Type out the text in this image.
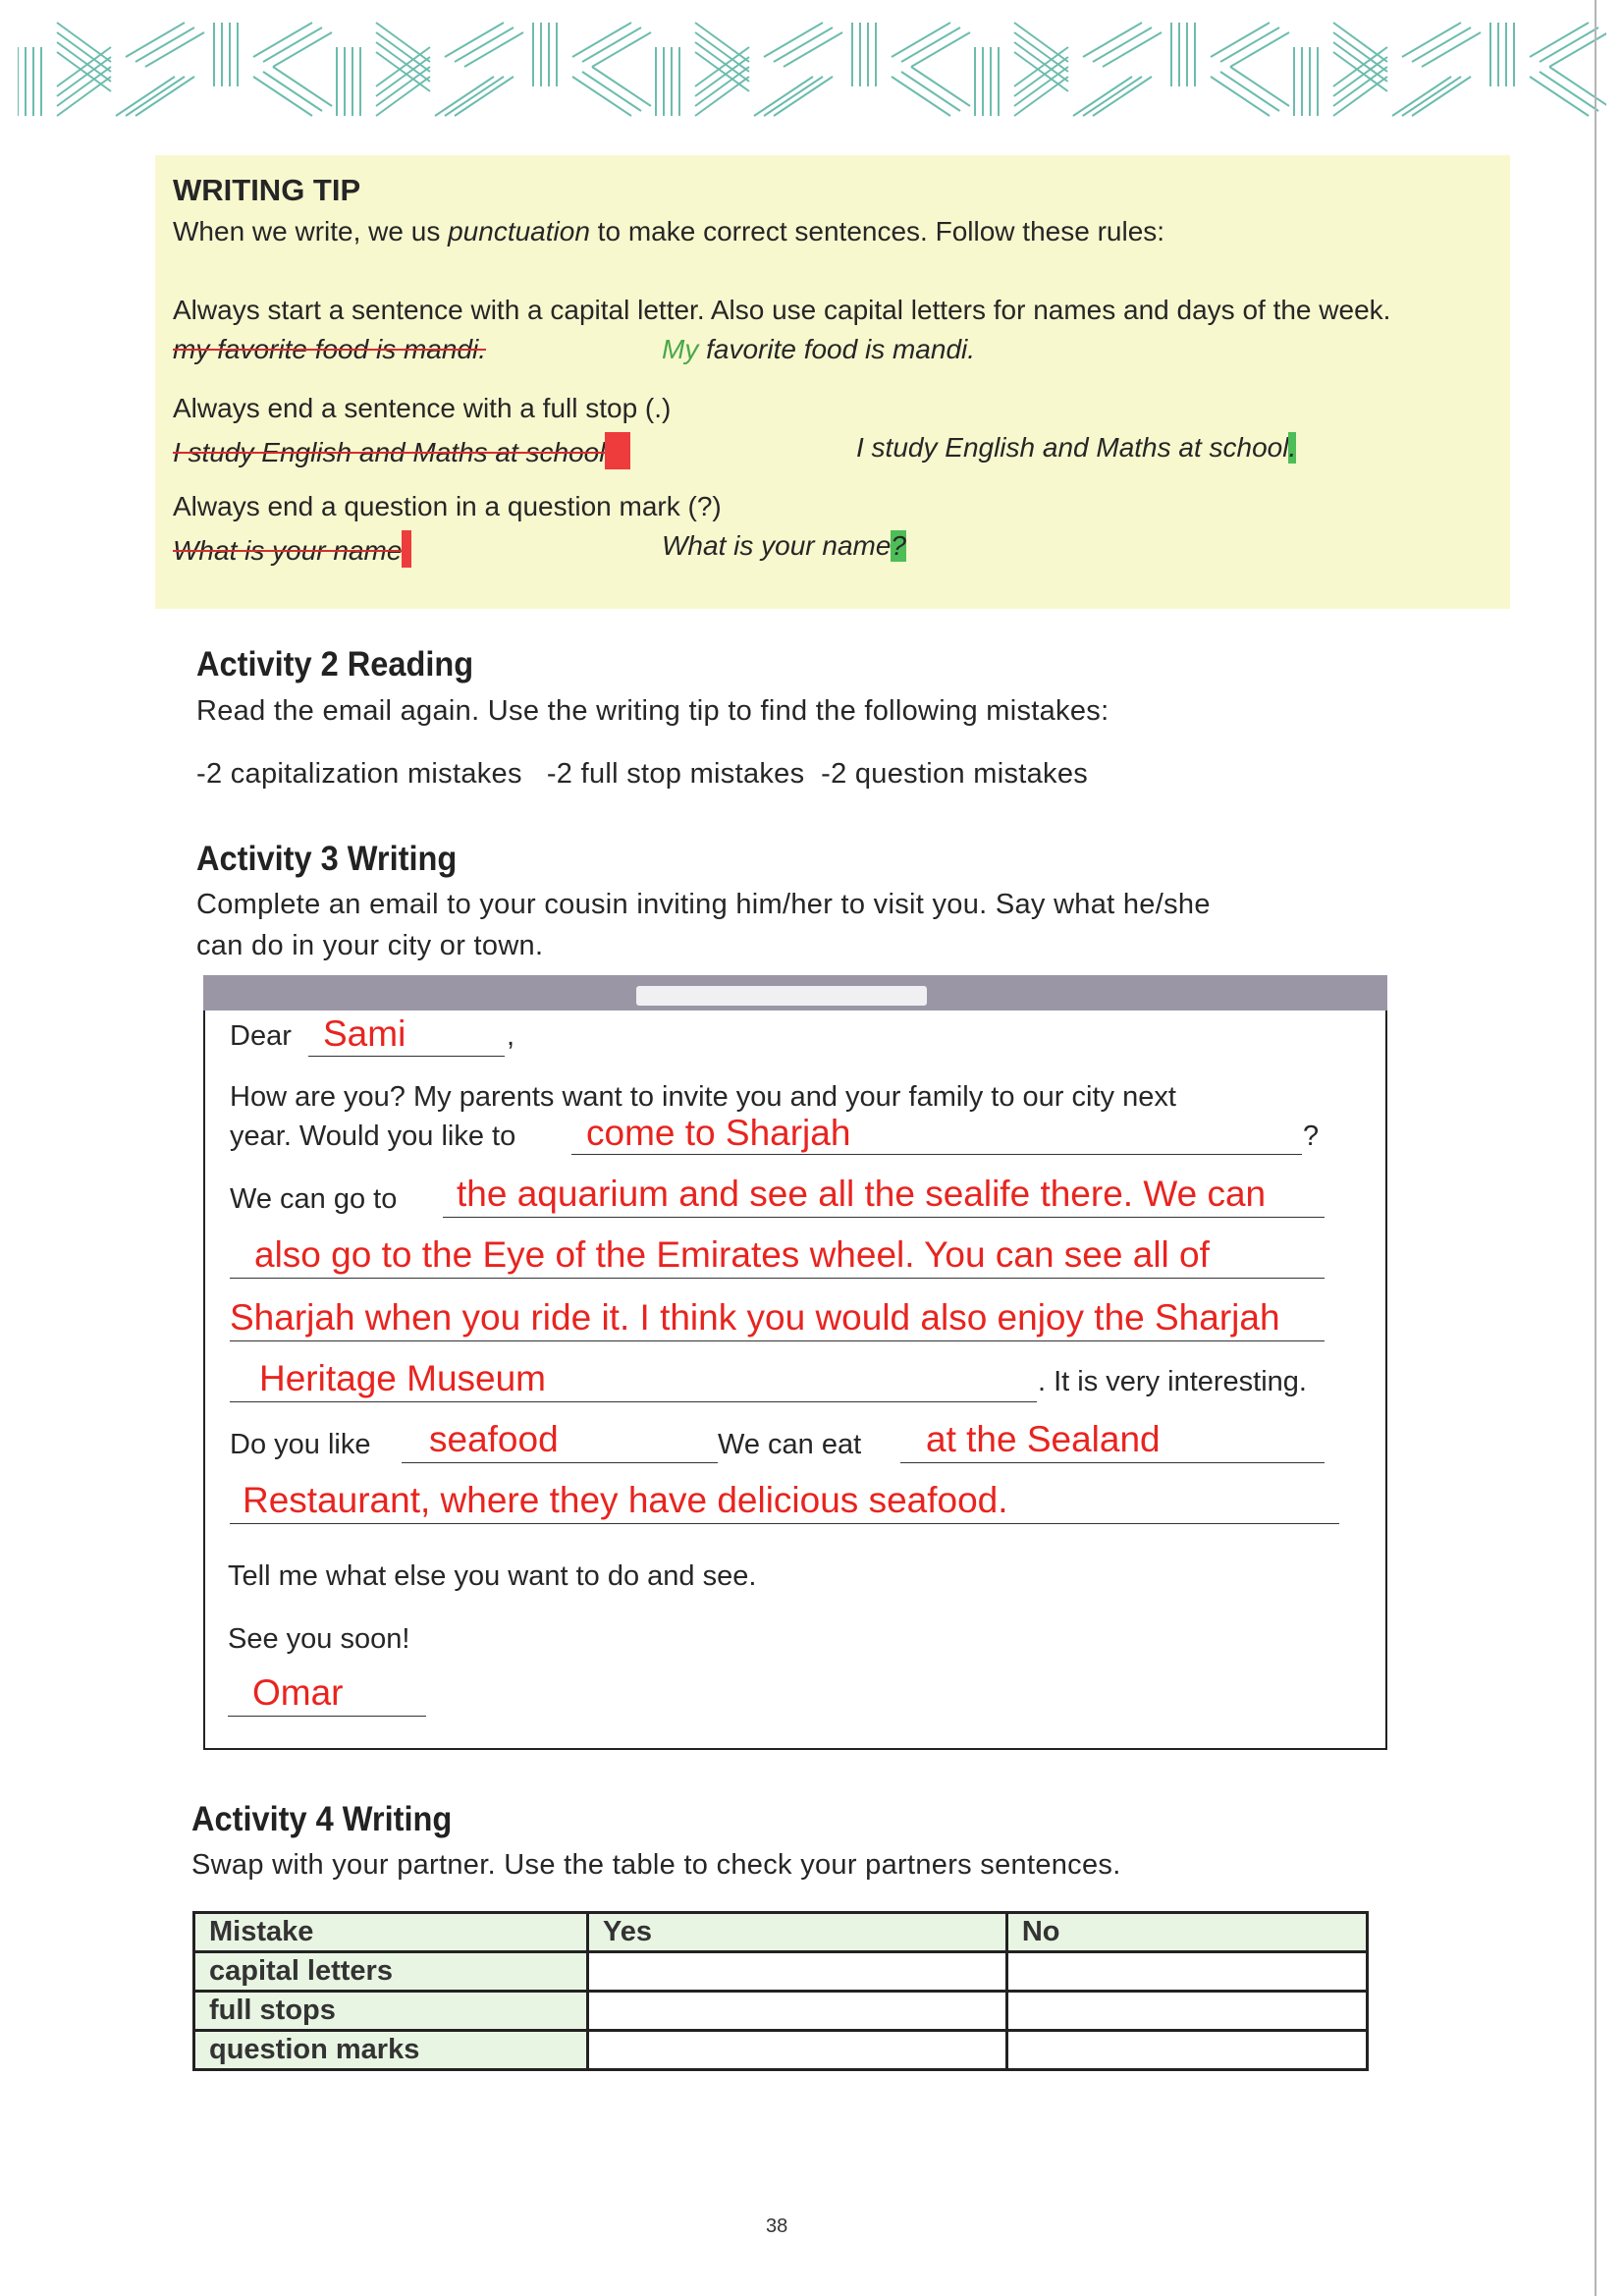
WRITING TIP
When we write, we us punctuation to make correct sentences. Follow these rules:
Always start a sentence with a capital letter. Also use capital letters for names and days of the week.
my favorite food is mandi.	My favorite food is mandi.
Always end a sentence with a full stop (.)
I study English and Maths at school	I study English and Maths at school.
Always end a question in a question mark (?)
What is your name	What is your name?
Activity 2 Reading
Read the email again. Use the writing tip to find the following mistakes:
-2 capitalization mistakes   -2 full stop mistakes  -2 question mistakes
Activity 3 Writing
Complete an email to your cousin inviting him/her to visit you. Say what he/she
can do in your city or town.
Dear Sami	,
How are you? My parents want to invite you and your family to our city next
year. Would you like to come to Sharjah	?
We can go to the aquarium and see all the sealife there. We can
also go to the Eye of the Emirates wheel. You can see all of
Sharjah when you ride it. I think you would also enjoy the Sharjah
Heritage Museum	. It is very interesting.
Do you like seafood	We can eat at the Sealand
Restaurant, where they have delicious seafood.
Tell me what else you want to do and see.
See you soon!
Omar
Activity 4 Writing
Swap with your partner. Use the table to check your partners sentences.
Mistake	Yes	No
capital letters		
full stops		
question marks		
38
